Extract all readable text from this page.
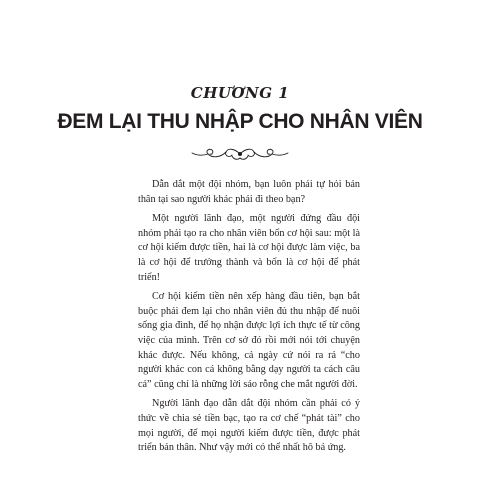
CHƯƠNG 1
ĐEM LẠI THU NHẬP CHO NHÂN VIÊN

Dẫn dắt một đội nhóm, bạn luôn phải tự hỏi bản thân tại sao người khác phải đi theo bạn?

Một người lãnh đạo, một người đứng đầu đội nhóm phải tạo ra cho nhân viên bốn cơ hội sau: một là cơ hội kiếm được tiền, hai là cơ hội được làm việc, ba là cơ hội để trưởng thành và bốn là cơ hội để phát triển!

Cơ hội kiếm tiền nên xếp hàng đầu tiên, bạn bắt buộc phải đem lại cho nhân viên đủ thu nhập để nuôi sống gia đình, để họ nhận được lợi ích thực tế từ công việc của mình. Trên cơ sở đó rồi mới nói tới chuyện khác được. Nếu không, cả ngày cứ nói ra rả “cho người khác con cá không bằng dạy người ta cách câu cá” cũng chỉ là những lời sáo rỗng che mắt người đời.

Người lãnh đạo dẫn dắt đội nhóm cần phải có ý thức về chia sẻ tiền bạc, tạo ra cơ chế “phát tài” cho mọi người, để mọi người kiếm được tiền, được phát triển bản thân. Như vậy mới có thể nhất hô bá ứng.
